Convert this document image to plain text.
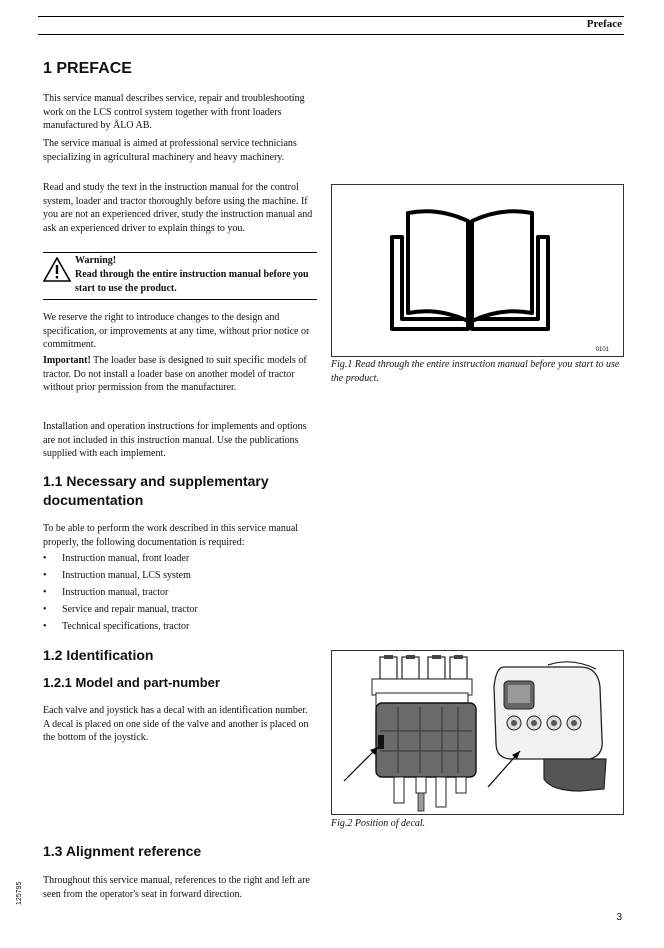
Preface
1 PREFACE

This service manual describes service, repair and troubleshooting work on the LCS control system together with front loaders manufactured by ÅLO AB.

The service manual is aimed at professional service technicians specializing in agricultural machinery and heavy machinery.

Read and study the text in the instruction manual for the control system, loader and tractor thoroughly before using the machine. If you are not an experienced driver, study the instruction manual and ask an experienced driver to explain things to you.

Warning!
Read through the entire instruction manual before you start to use the product.

We reserve the right to introduce changes to the design and specification, or improvements at any time, without prior notice or commitment.

Important! The loader base is designed to suit specific models of tractor. Do not install a loader base on another model of tractor without prior permission from the manufacturer.

Installation and operation instructions for implements and options are not included in this instruction manual. Use the publications supplied with each implement.

0101
Fig.1 Read through the entire instruction manual before you start to use the product.
1.1 Necessary and supplementary documentation

To be able to perform the work described in this service manual properly, the following documentation is required:

• Instruction manual, front loader
• Instruction manual, LCS system
• Instruction manual, tractor
• Service and repair manual, tractor
• Technical specifications, tractor
1.2 Identification
1.2.1 Model and part-number

Each valve and joystick has a decal with an identification number. A decal is placed on one side of the valve and another is placed on the bottom of the joystick.

Fig.2 Position of decal.
1.3 Alignment reference

Throughout this service manual, references to the right and left are seen from the operator's seat in forward direction.

125795
3
